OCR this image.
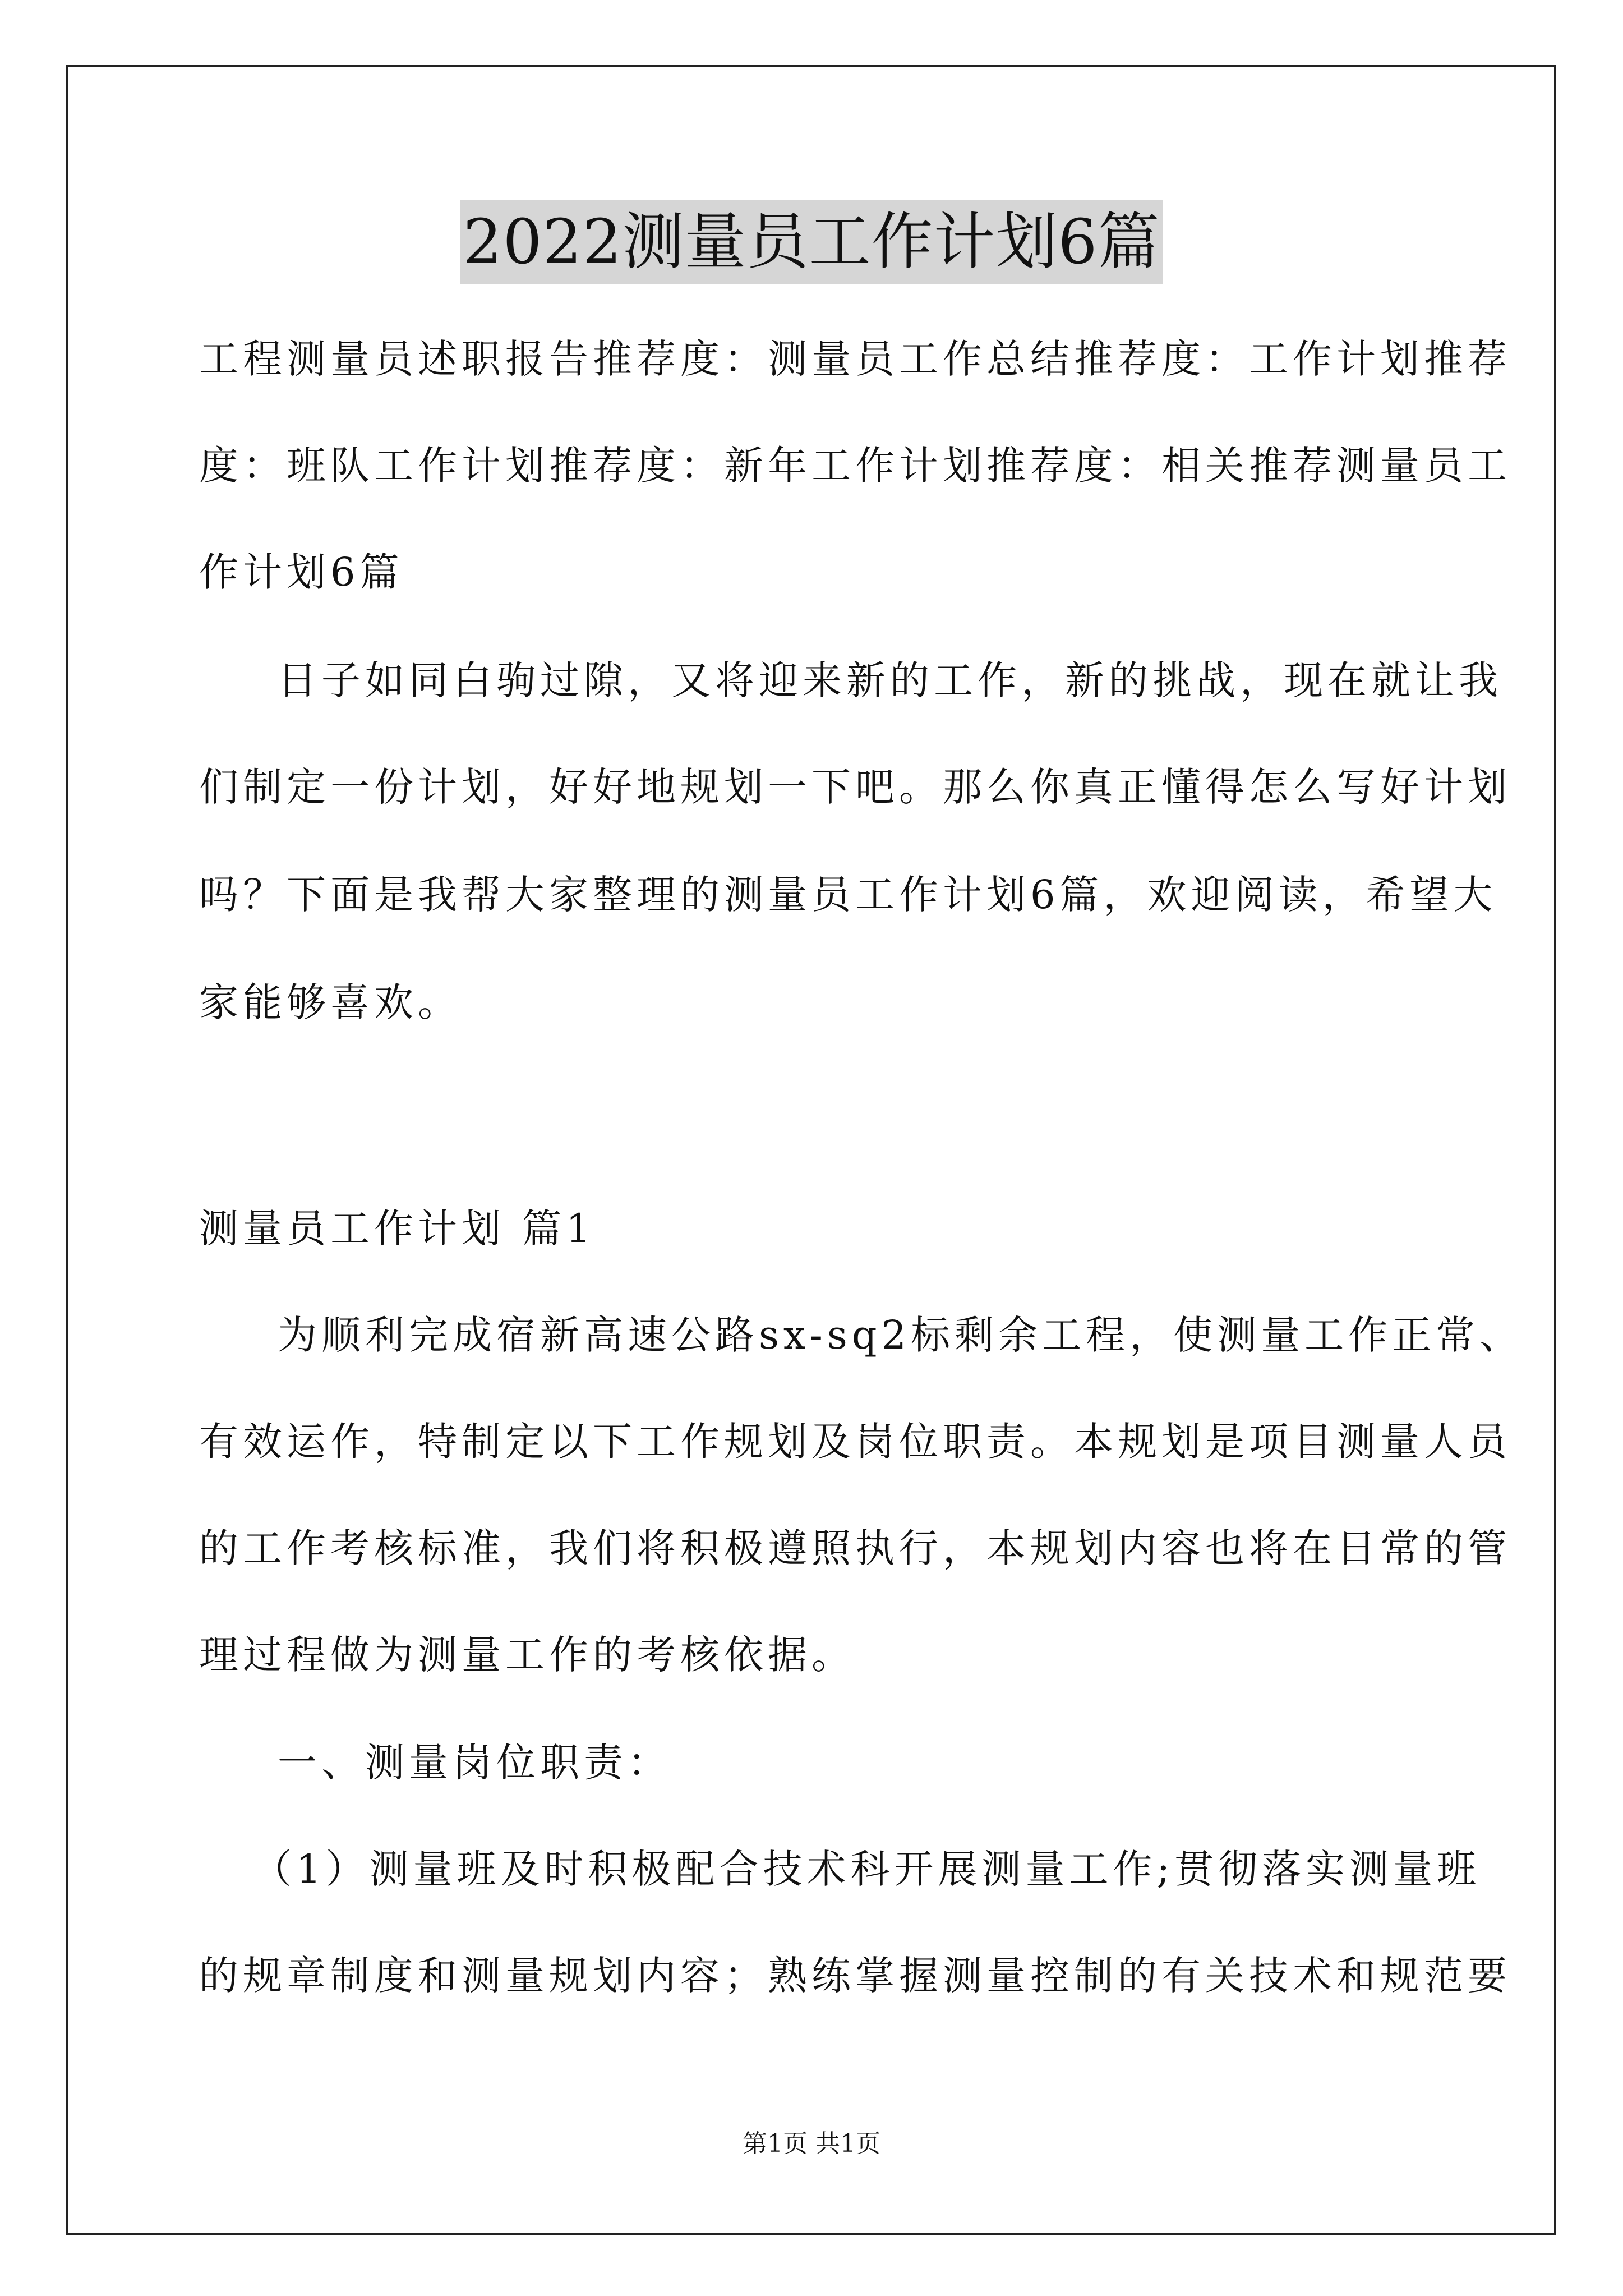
2022测量员工作计划6篇
工程测量员述职报告推荐度：测量员工作总结推荐度：工作计划推荐
度：班队工作计划推荐度：新年工作计划推荐度：相关推荐测量员工
作计划6篇
日子如同白驹过隙，又将迎来新的工作，新的挑战，现在就让我
们制定一份计划，好好地规划一下吧。那么你真正懂得怎么写好计划
吗？下面是我帮大家整理的测量员工作计划6篇，欢迎阅读，希望大
家能够喜欢。
测量员工作计划 篇1
为顺利完成宿新高速公路sx-sq2标剩余工程，使测量工作正常、
有效运作，特制定以下工作规划及岗位职责。本规划是项目测量人员
的工作考核标准，我们将积极遵照执行，本规划内容也将在日常的管
理过程做为测量工作的考核依据。
一、测量岗位职责：
（1）测量班及时积极配合技术科开展测量工作;贯彻落实测量班
的规章制度和测量规划内容；熟练掌握测量控制的有关技术和规范要
第1页 共1页
